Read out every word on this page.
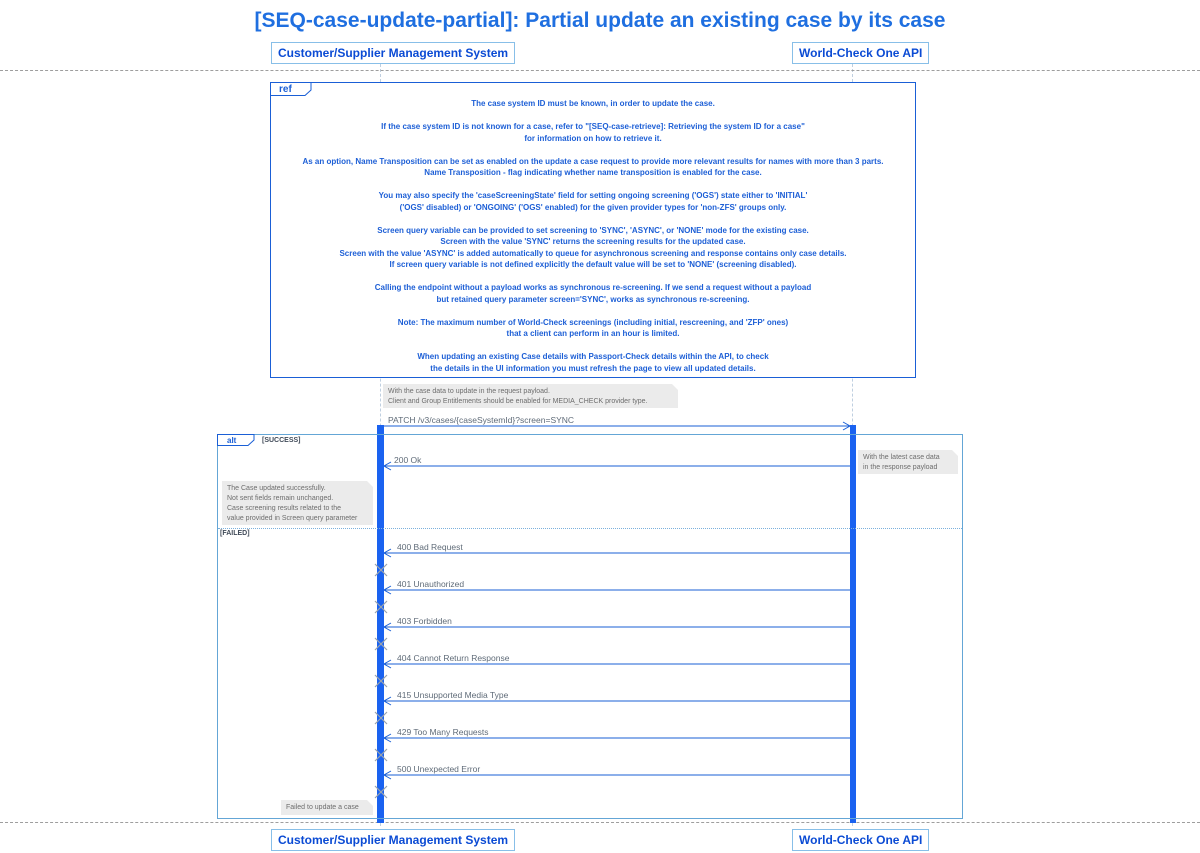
[SEQ-case-update-partial]: Partial update an existing case by its case
Customer/Supplier Management System	World-Check One API
ref
The case system ID must be known, in order to update the case.

If the case system ID is not known for a case, refer to "[SEQ-case-retrieve]: Retrieving the system ID for a case"
for information on how to retrieve it.

As an option, Name Transposition can be set as enabled on the update a case request to provide more relevant results for names with more than 3 parts.
Name Transposition - flag indicating whether name transposition is enabled for the case.

You may also specify the 'caseScreeningState' field for setting ongoing screening ('OGS') state either to 'INITIAL'
('OGS' disabled) or 'ONGOING' ('OGS' enabled) for the given provider types for 'non-ZFS' groups only.

Screen query variable can be provided to set screening to 'SYNC', 'ASYNC', or 'NONE' mode for the existing case.
Screen with the value 'SYNC' returns the screening results for the updated case.
Screen with the value 'ASYNC' is added automatically to queue for asynchronous screening and response contains only case details.
If screen query variable is not defined explicitly the default value will be set to 'NONE' (screening disabled).

Calling the endpoint without a payload works as synchronous re-screening. If we send a request without a payload
but retained query parameter screen='SYNC', works as synchronous re-screening.

Note: The maximum number of World-Check screenings (including initial, rescreening, and 'ZFP' ones)
that a client can perform in an hour is limited.

When updating an existing Case details with Passport-Check details within the API, to check
the details in the UI information you must refresh the page to view all updated details.
With the case data to update in the request payload.
Client and Group Entitlements should be enabled for MEDIA_CHECK provider type.
PATCH /v3/cases/{caseSystemId}?screen=SYNC
alt	[SUCCESS]
[FAILED]
200 Ok	With the latest case data
in the response payload
The Case updated successfully.
Not sent fields remain unchanged.
Case screening results related to the
value provided in Screen query parameter
400 Bad Request
401 Unauthorized
403 Forbidden
404 Cannot Return Response
415 Unsupported Media Type
429 Too Many Requests
500 Unexpected Error
Failed to update a case
Customer/Supplier Management System	World-Check One API
